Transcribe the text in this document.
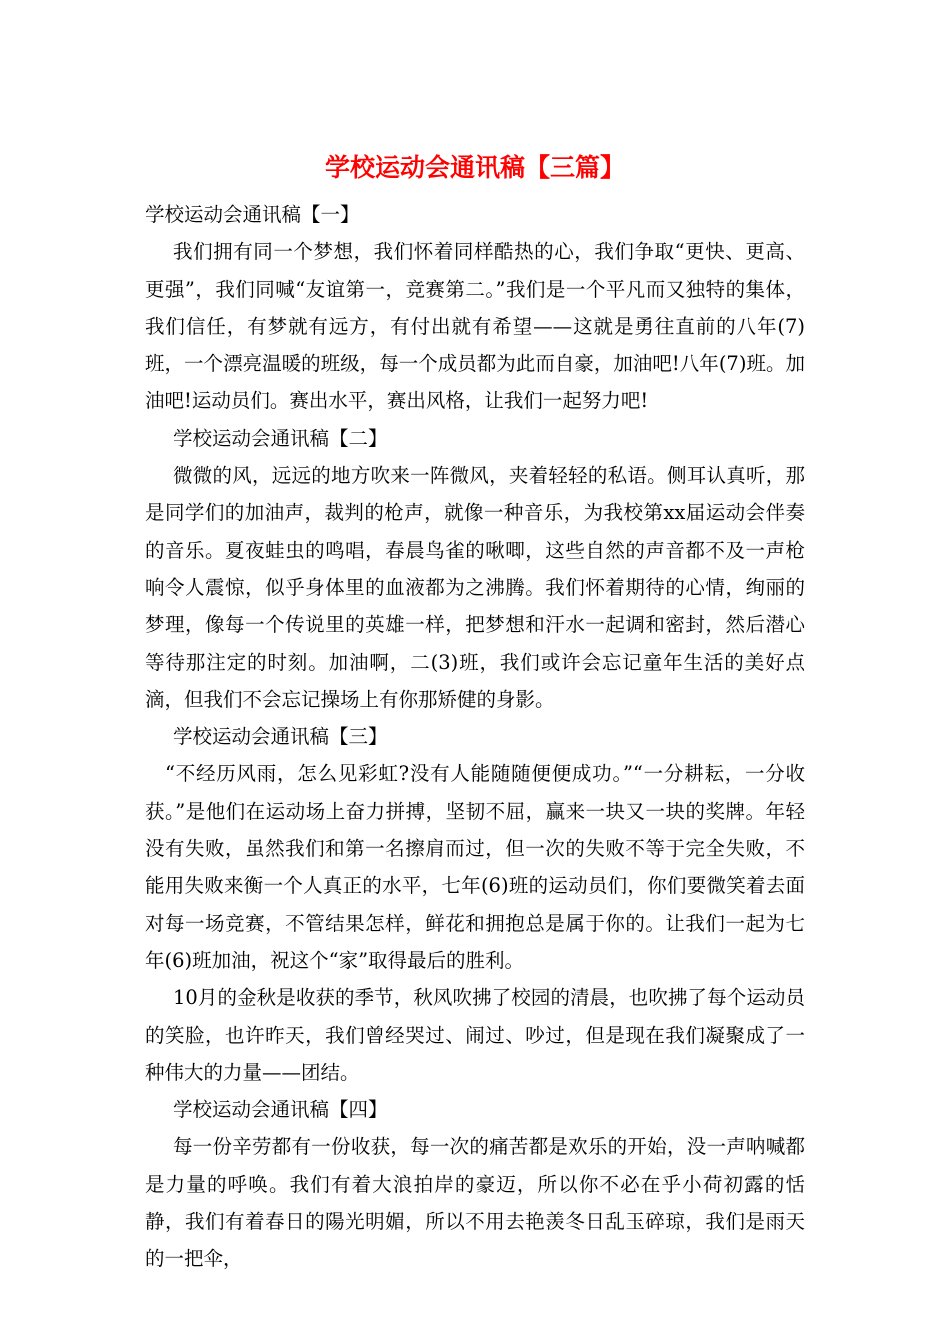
学校运动会通讯稿【三篇】

学校运动会通讯稿【一】

我们拥有同一个梦想，我们怀着同样酷热的心，我们争取“更快、更高、更强”，我们同喊“友谊第一，竞赛第二。”我们是一个平凡而又独特的集体，我们信任，有梦就有远方，有付出就有希望——这就是勇往直前的八年(7)班，一个漂亮温暖的班级，每一个成员都为此而自豪，加油吧!八年(7)班。加油吧!运动员们。赛出水平，赛出风格，让我们一起努力吧!

学校运动会通讯稿【二】

微微的风，远远的地方吹来一阵微风，夹着轻轻的私语。侧耳认真听，那是同学们的加油声，裁判的枪声，就像一种音乐，为我校第xx届运动会伴奏的音乐。夏夜蛙虫的鸣唱，春晨鸟雀的啾唧，这些自然的声音都不及一声枪响令人震惊，似乎身体里的血液都为之沸腾。我们怀着期待的心情，绚丽的梦理，像每一个传说里的英雄一样，把梦想和汗水一起调和密封，然后潜心等待那注定的时刻。加油啊，二(3)班，我们或许会忘记童年生活的美好点滴，但我们不会忘记操场上有你那矫健的身影。

学校运动会通讯稿【三】

“不经历风雨，怎么见彩虹?没有人能随随便便成功。”“一分耕耘，一分收获。”是他们在运动场上奋力拼搏，坚韧不屈，赢来一块又一块的奖牌。年轻没有失败，虽然我们和第一名擦肩而过，但一次的失败不等于完全失败，不能用失败来衡一个人真正的水平，七年(6)班的运动员们，你们要微笑着去面对每一场竞赛，不管结果怎样，鲜花和拥抱总是属于你的。让我们一起为七年(6)班加油，祝这个“家”取得最后的胜利。

10月的金秋是收获的季节，秋风吹拂了校园的清晨，也吹拂了每个运动员的笑脸，也许昨天，我们曾经哭过、闹过、吵过，但是现在我们凝聚成了一种伟大的力量——团结。

学校运动会通讯稿【四】

每一份辛劳都有一份收获，每一次的痛苦都是欢乐的开始，没一声呐喊都是力量的呼唤。我们有着大浪拍岸的豪迈，所以你不必在乎小荷初露的恬静，我们有着春日的陽光明媚，所以不用去艳羡冬日乱玉碎琼，我们是雨天的一把伞，
